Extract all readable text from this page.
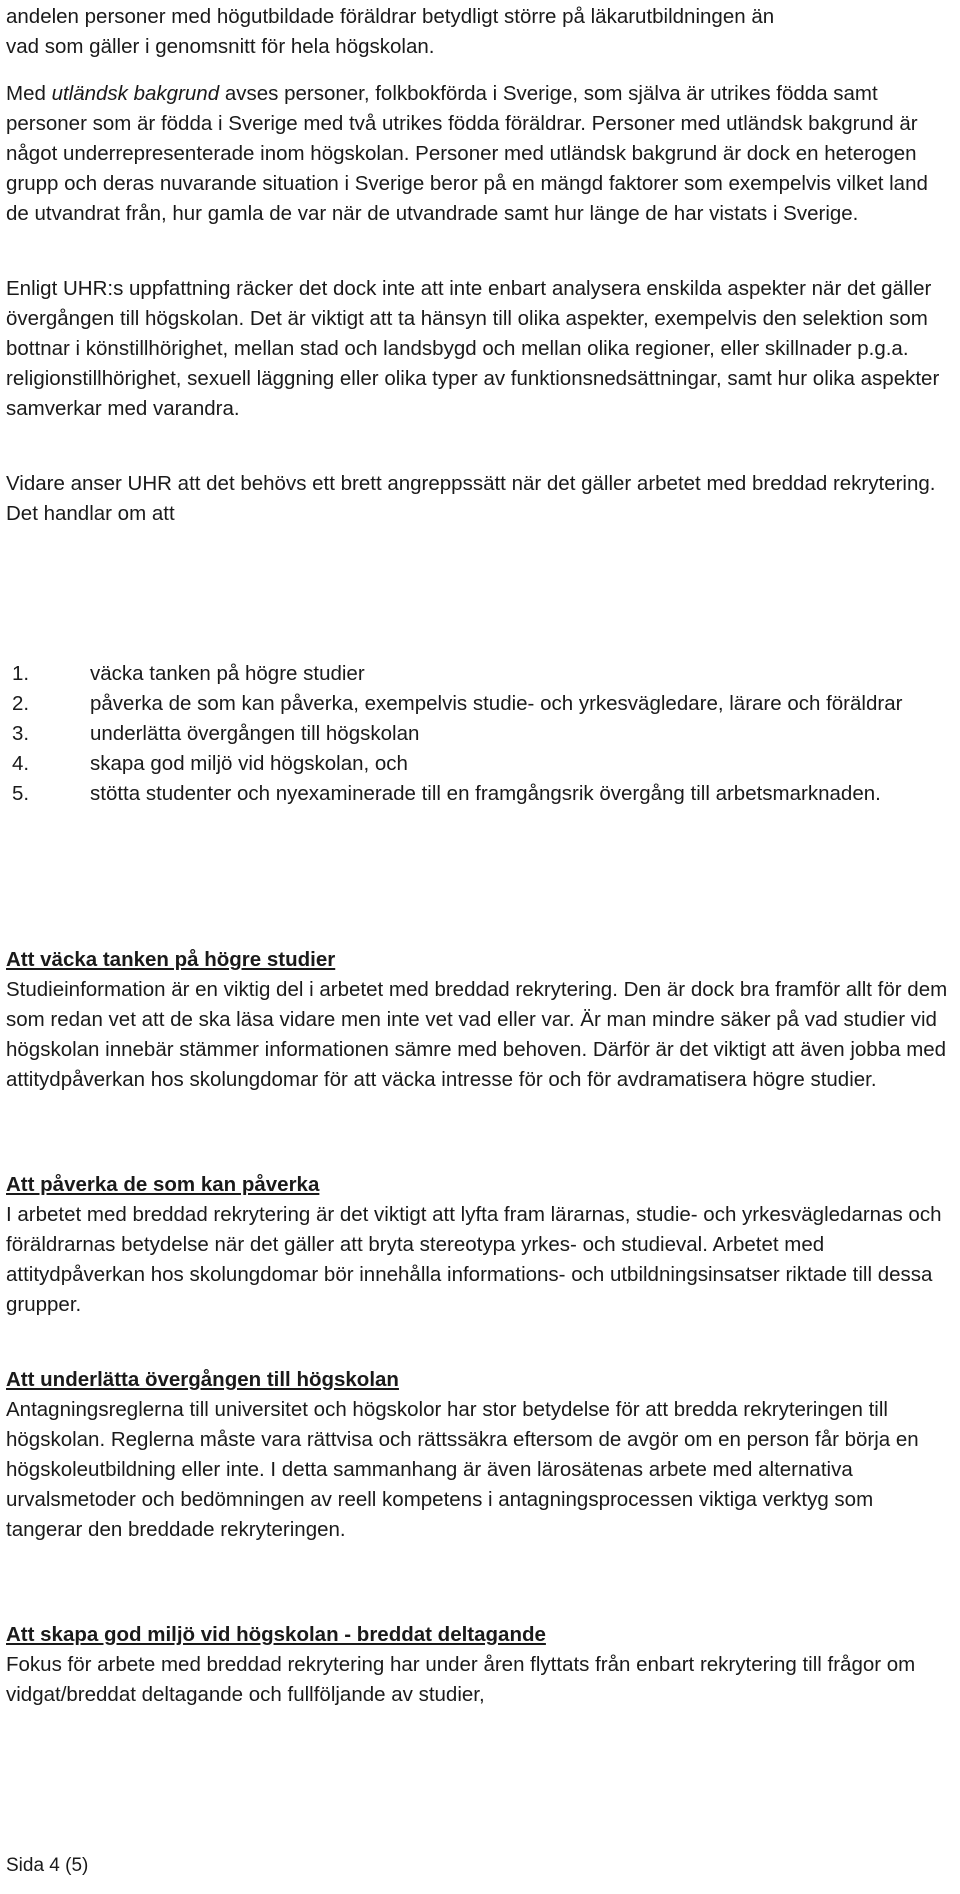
andelen personer med högutbildade föräldrar betydligt större på läkarutbildningen än

vad som gäller i genomsnitt för hela högskolan.

Med utländsk bakgrund avses personer, folkbokförda i Sverige, som själva är utrikes födda samt personer som är födda i Sverige med två utrikes födda föräldrar. Personer med utländsk bakgrund är något underrepresenterade inom högskolan. Personer med utländsk bakgrund är dock en heterogen grupp och deras nuvarande situation i Sverige beror på en mängd faktorer som exempelvis vilket land de utvandrat från, hur gamla de var när de utvandrade samt hur länge de har vistats i Sverige.

Enligt UHR:s uppfattning räcker det dock inte att inte enbart analysera enskilda aspekter när det gäller övergången till högskolan. Det är viktigt att ta hänsyn till olika aspekter, exempelvis den selektion som bottnar i könstillhörighet, mellan stad och landsbygd och mellan olika regioner, eller skillnader p.g.a. religionstillhörighet, sexuell läggning eller olika typer av funktionsnedsättningar, samt hur olika aspekter samverkar med varandra.

Vidare anser UHR att det behövs ett brett angreppssätt när det gäller arbetet med breddad rekrytering. Det handlar om att

1.	väcka tanken på högre studier
2.	påverka de som kan påverka, exempelvis studie- och yrkesvägledare, lärare och föräldrar
3.	underlätta övergången till högskolan
4.	skapa god miljö vid högskolan, och
5.	stötta studenter och nyexaminerade till en framgångsrik övergång till arbetsmarknaden.

Att väcka tanken på högre studier

Studieinformation är en viktig del i arbetet med breddad rekrytering. Den är dock bra framför allt för dem som redan vet att de ska läsa vidare men inte vet vad eller var. Är man mindre säker på vad studier vid högskolan innebär stämmer informationen sämre med behoven. Därför är det viktigt att även jobba med attitydpåverkan hos skolungdomar för att väcka intresse för och för avdramatisera högre studier.

Att påverka de som kan påverka

I arbetet med breddad rekrytering är det viktigt att lyfta fram lärarnas, studie- och yrkesvägledarnas och föräldrarnas betydelse när det gäller att bryta stereotypa yrkes- och studieval. Arbetet med attitydpåverkan hos skolungdomar bör innehålla informations- och utbildningsinsatser riktade till dessa grupper.

Att underlätta övergången till högskolan

Antagningsreglerna till universitet och högskolor har stor betydelse för att bredda rekryteringen till högskolan. Reglerna måste vara rättvisa och rättssäkra eftersom de avgör om en person får börja en högskoleutbildning eller inte. I detta sammanhang är även lärosätenas arbete med alternativa urvalsmetoder och bedömningen av reell kompetens i antagningsprocessen viktiga verktyg som tangerar den breddade rekryteringen.

Att skapa god miljö vid högskolan - breddat deltagande

Fokus för arbete med breddad rekrytering har under åren flyttats från enbart rekrytering till frågor om vidgat/breddat deltagande och fullföljande av studier,

Sida 4 (5)
